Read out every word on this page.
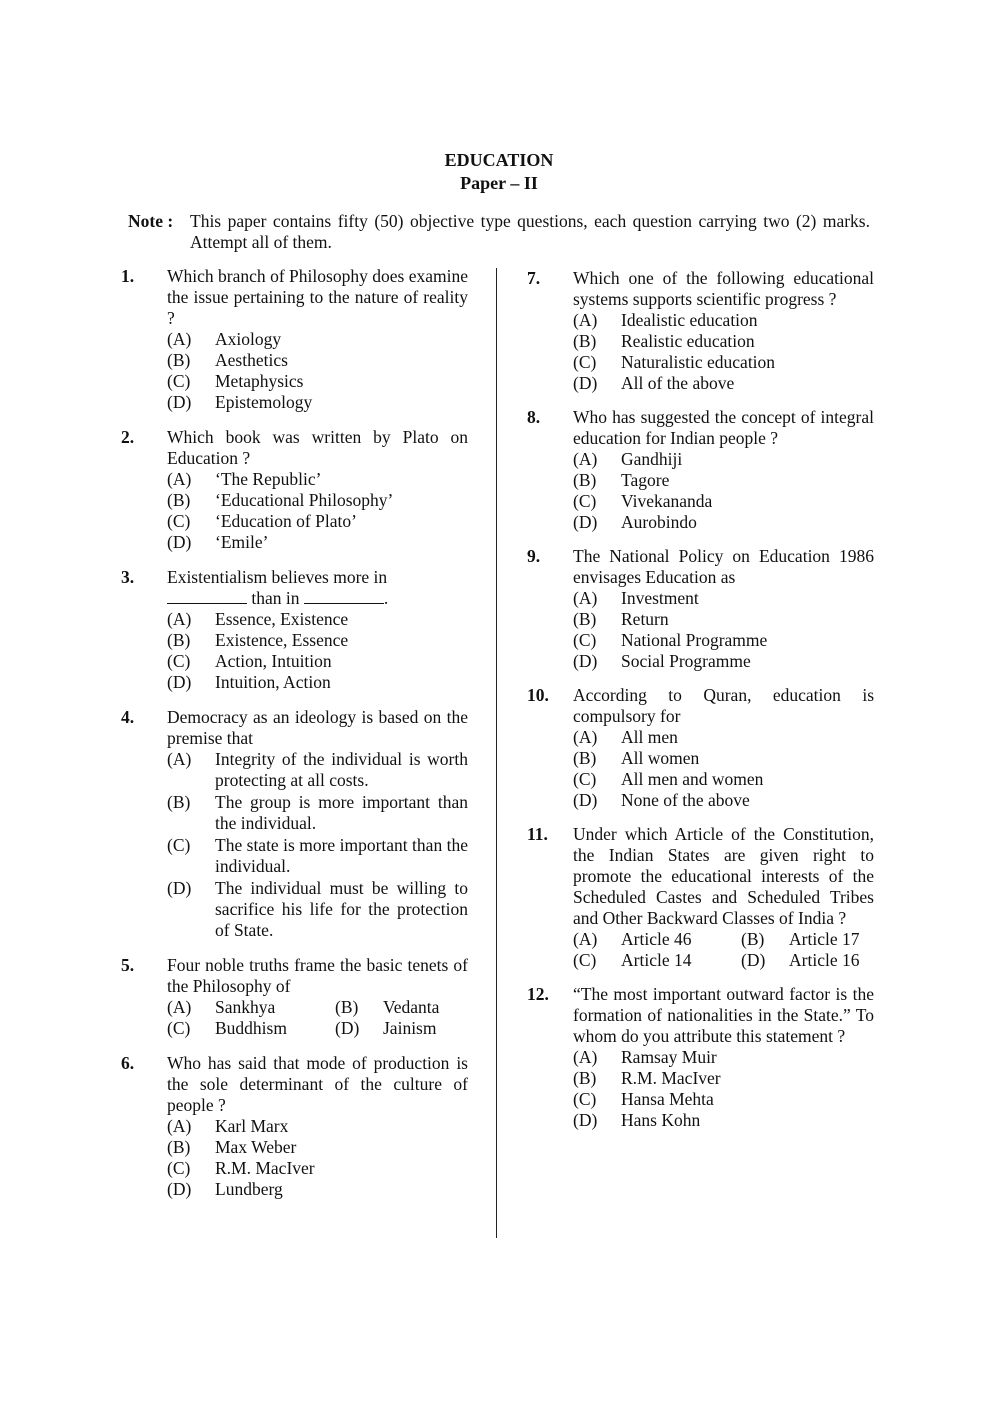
EDUCATION
Paper – II
Note : This paper contains fifty (50) objective type questions, each question carrying two (2) marks. Attempt all of them.
1. Which branch of Philosophy does examine the issue pertaining to the nature of reality ?
(A) Axiology
(B) Aesthetics
(C) Metaphysics
(D) Epistemology
2. Which book was written by Plato on Education ?
(A) ‘The Republic’
(B) ‘Educational Philosophy’
(C) ‘Education of Plato’
(D) ‘Emile’
3. Existentialism believes more in
than in	.
(A) Essence, Existence
(B) Existence, Essence
(C) Action, Intuition
(D) Intuition, Action
4. Democracy as an ideology is based on the premise that
(A) Integrity of the individual is worth protecting at all costs.
(B) The group is more important than the individual.
(C) The state is more important than the individual.
(D) The individual must be willing to sacrifice his life for the protection of State.
5. Four noble truths frame the basic tenets of the Philosophy of
(A) Sankhya	(B) Vedanta
(C) Buddhism	(D) Jainism
6. Who has said that mode of production is the sole determinant of the culture of people ?
(A) Karl Marx
(B) Max Weber
(C) R.M. MacIver
(D) Lundberg
7. Which one of the following educational systems supports scientific progress ?
(A) Idealistic education
(B) Realistic education
(C) Naturalistic education
(D) All of the above
8. Who has suggested the concept of integral education for Indian people ?
(A) Gandhiji
(B) Tagore
(C) Vivekananda
(D) Aurobindo
9. The National Policy on Education 1986 envisages Education as
(A) Investment
(B) Return
(C) National Programme
(D) Social Programme
10. According to Quran, education is compulsory for
(A) All men
(B) All women
(C) All men and women
(D) None of the above
11. Under which Article of the Constitution, the Indian States are given right to promote the educational interests of the Scheduled Castes and Scheduled Tribes and Other Backward Classes of India ?
(A) Article 46	(B) Article 17
(C) Article 14	(D) Article 16
12. “The most important outward factor is the formation of nationalities in the State.” To whom do you attribute this statement ?
(A) Ramsay Muir
(B) R.M. MacIver
(C) Hansa Mehta
(D) Hans Kohn
